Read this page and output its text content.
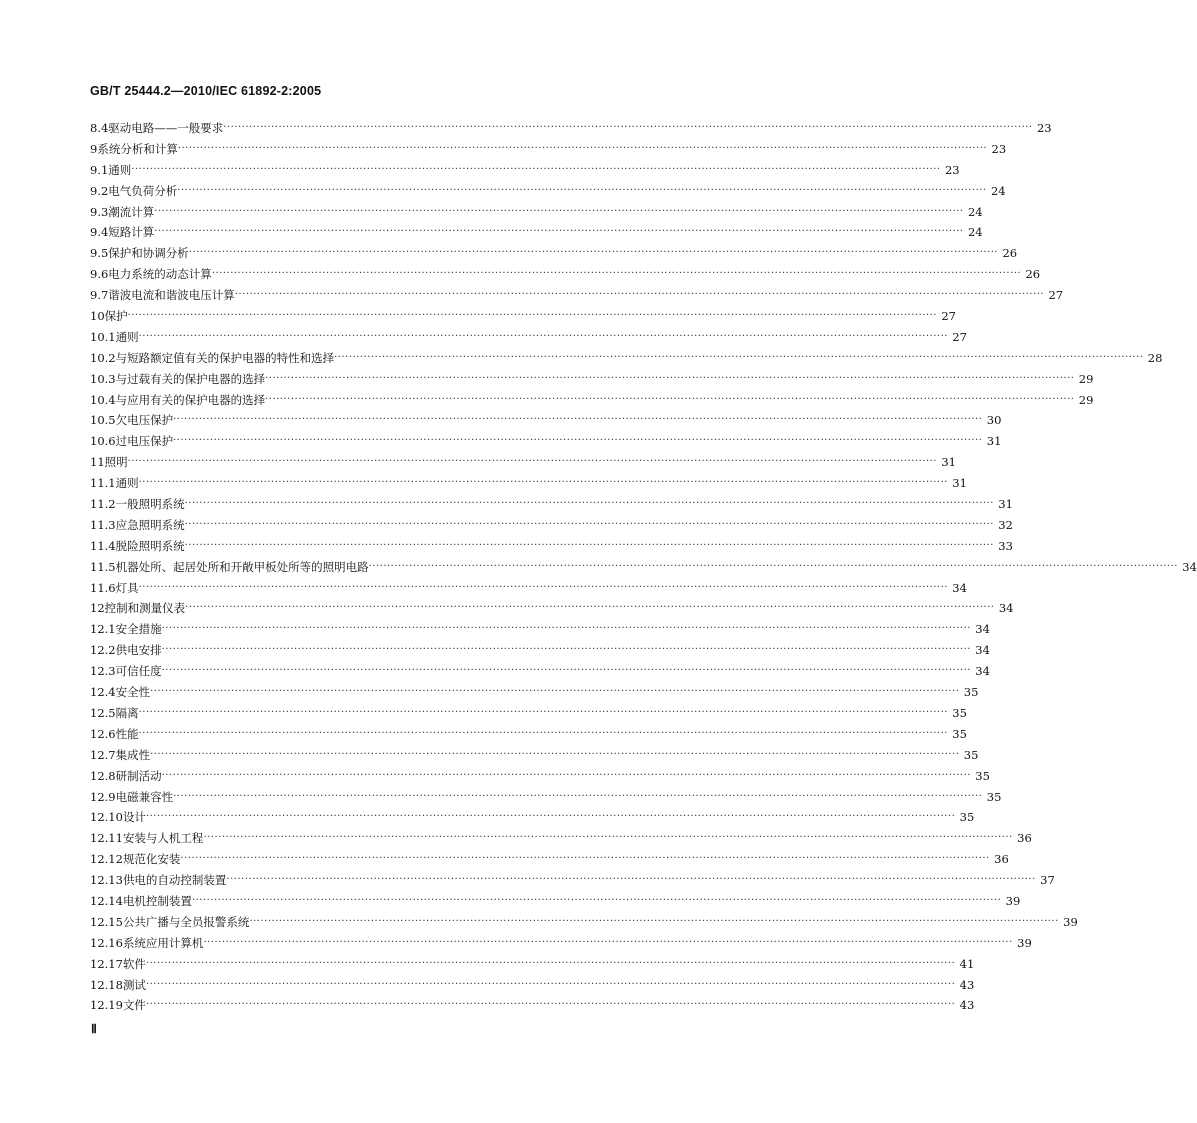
GB/T 25444.2—2010/IEC 61892-2:2005
8.4 驱动电路——一般要求 ···························································································································································································································· 23
9 系统分析和计算 ···························································································································································································································· 23
9.1 通则 ···························································································································································································································· 23
9.2 电气负荷分析 ···························································································································································································································· 24
9.3 潮流计算 ···························································································································································································································· 24
9.4 短路计算 ···························································································································································································································· 24
9.5 保护和协调分析 ···························································································································································································································· 26
9.6 电力系统的动态计算 ···························································································································································································································· 26
9.7 谐波电流和谐波电压计算 ···························································································································································································································· 27
10 保护 ···························································································································································································································· 27
10.1 通则 ···························································································································································································································· 27
10.2 与短路额定值有关的保护电器的特性和选择 ···························································································································································································································· 28
10.3 与过载有关的保护电器的选择 ···························································································································································································································· 29
10.4 与应用有关的保护电器的选择 ···························································································································································································································· 29
10.5 欠电压保护 ···························································································································································································································· 30
10.6 过电压保护 ···························································································································································································································· 31
11 照明 ···························································································································································································································· 31
11.1 通则 ···························································································································································································································· 31
11.2 一般照明系统 ···························································································································································································································· 31
11.3 应急照明系统 ···························································································································································································································· 32
11.4 脱险照明系统 ···························································································································································································································· 33
11.5 机器处所、起居处所和开敞甲板处所等的照明电路 ···························································································································································································································· 34
11.6 灯具 ···························································································································································································································· 34
12 控制和测量仪表 ···························································································································································································································· 34
12.1 安全措施 ···························································································································································································································· 34
12.2 供电安排 ···························································································································································································································· 34
12.3 可信任度 ···························································································································································································································· 34
12.4 安全性 ···························································································································································································································· 35
12.5 隔离 ···························································································································································································································· 35
12.6 性能 ···························································································································································································································· 35
12.7 集成性 ···························································································································································································································· 35
12.8 研制活动 ···························································································································································································································· 35
12.9 电磁兼容性 ···························································································································································································································· 35
12.10 设计 ···························································································································································································································· 35
12.11 安装与人机工程 ···························································································································································································································· 36
12.12 规范化安装 ···························································································································································································································· 36
12.13 供电的自动控制装置 ···························································································································································································································· 37
12.14 电机控制装置 ···························································································································································································································· 39
12.15 公共广播与全员报警系统 ···························································································································································································································· 39
12.16 系统应用计算机 ···························································································································································································································· 39
12.17 软件 ···························································································································································································································· 41
12.18 测试 ···························································································································································································································· 43
12.19 文件 ···························································································································································································································· 43
Ⅱ
